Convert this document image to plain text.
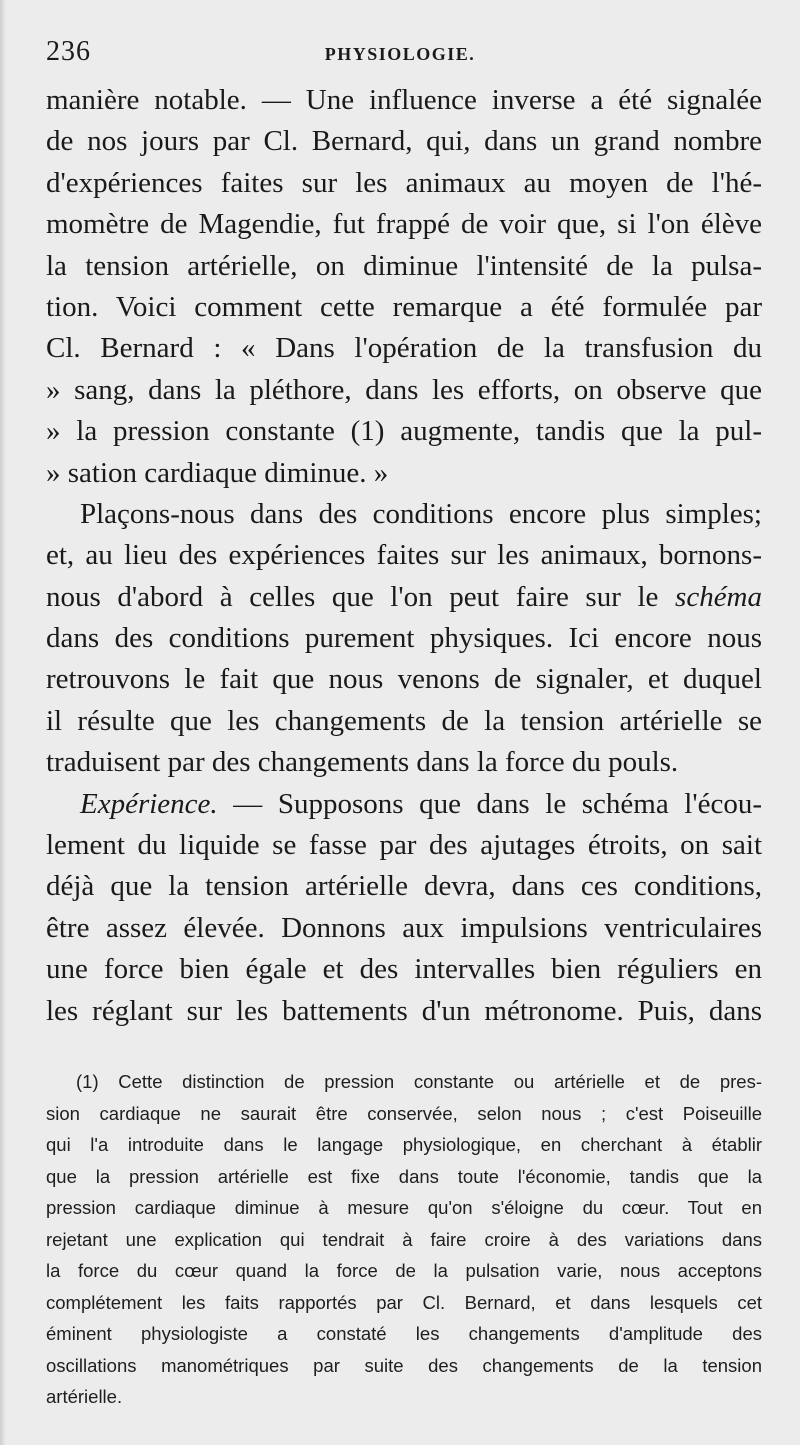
236	PHYSIOLOGIE.
manière notable. — Une influence inverse a été signalée
de nos jours par Cl. Bernard, qui, dans un grand nombre
d'expériences faites sur les animaux au moyen de l'hé-
momètre de Magendie, fut frappé de voir que, si l'on élève
la tension artérielle, on diminue l'intensité de la pulsa-
tion. Voici comment cette remarque a été formulée par
Cl. Bernard : « Dans l'opération de la transfusion du
» sang, dans la pléthore, dans les efforts, on observe que
» la pression constante (1) augmente, tandis que la pul-
» sation cardiaque diminue. »
Plaçons-nous dans des conditions encore plus simples;
et, au lieu des expériences faites sur les animaux, bornons-
nous d'abord à celles que l'on peut faire sur le schéma
dans des conditions purement physiques. Ici encore nous
retrouvons le fait que nous venons de signaler, et duquel
il résulte que les changements de la tension artérielle se
traduisent par des changements dans la force du pouls.
Expérience. — Supposons que dans le schéma l'écou-
lement du liquide se fasse par des ajutages étroits, on sait
déjà que la tension artérielle devra, dans ces conditions,
être assez élevée. Donnons aux impulsions ventriculaires
une force bien égale et des intervalles bien réguliers en
les réglant sur les battements d'un métronome. Puis, dans
(1) Cette distinction de pression constante ou artérielle et de pres-
sion cardiaque ne saurait être conservée, selon nous ; c'est Poiseuille
qui l'a introduite dans le langage physiologique, en cherchant à établir
que la pression artérielle est fixe dans toute l'économie, tandis que la
pression cardiaque diminue à mesure qu'on s'éloigne du cœur. Tout en
rejetant une explication qui tendrait à faire croire à des variations dans
la force du cœur quand la force de la pulsation varie, nous acceptons
complétement les faits rapportés par Cl. Bernard, et dans lesquels cet
éminent physiologiste a constaté les changements d'amplitude des
oscillations manométriques par suite des changements de la tension
artérielle.
